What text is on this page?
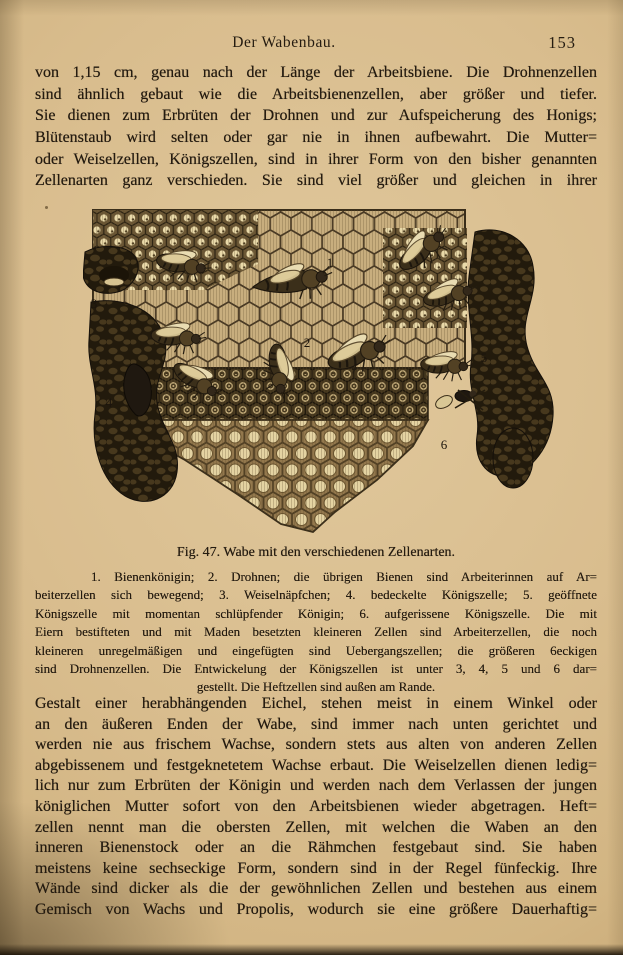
Der Wabenbau.	153
von 1,15 cm, genau nach der Länge der Arbeitsbiene. Die Drohnenzellen
sind ähnlich gebaut wie die Arbeitsbienenzellen, aber größer und tiefer.
Sie dienen zum Erbrüten der Drohnen und zur Aufspeicherung des Honigs;
Blütenstaub wird selten oder gar nie in ihnen aufbewahrt. Die Mutter=
oder Weiselzellen, Königszellen, sind in ihrer Form von den bisher genannten
Zellenarten ganz verschieden. Sie sind viel größer und gleichen in ihrer
1
2
3
4
5
6
Fig. 47. Wabe mit den verschiedenen Zellenarten.
1. Bienenkönigin; 2. Drohnen; die übrigen Bienen sind Arbeiterinnen auf Ar=
beiterzellen sich bewegend; 3. Weiselnäpfchen; 4. bedeckelte Königszelle; 5. geöffnete
Königszelle mit momentan schlüpfender Königin; 6. aufgerissene Königszelle. Die mit
Eiern bestifteten und mit Maden besetzten kleineren Zellen sind Arbeiterzellen, die noch
kleineren unregelmäßigen und eingefügten sind Uebergangszellen; die größeren 6eckigen
sind Drohnenzellen. Die Entwickelung der Königszellen ist unter 3, 4, 5 und 6 dar=
gestellt. Die Heftzellen sind außen am Rande.
Gestalt einer herabhängenden Eichel, stehen meist in einem Winkel oder
an den äußeren Enden der Wabe, sind immer nach unten gerichtet und
werden nie aus frischem Wachse, sondern stets aus alten von anderen Zellen
abgebissenem und festgeknetetem Wachse erbaut. Die Weiselzellen dienen ledig=
lich nur zum Erbrüten der Königin und werden nach dem Verlassen der jungen
königlichen Mutter sofort von den Arbeitsbienen wieder abgetragen. Heft=
zellen nennt man die obersten Zellen, mit welchen die Waben an den
inneren Bienenstock oder an die Rähmchen festgebaut sind. Sie haben
meistens keine sechseckige Form, sondern sind in der Regel fünfeckig. Ihre
Wände sind dicker als die der gewöhnlichen Zellen und bestehen aus einem
Gemisch von Wachs und Propolis, wodurch sie eine größere Dauerhaftig=
